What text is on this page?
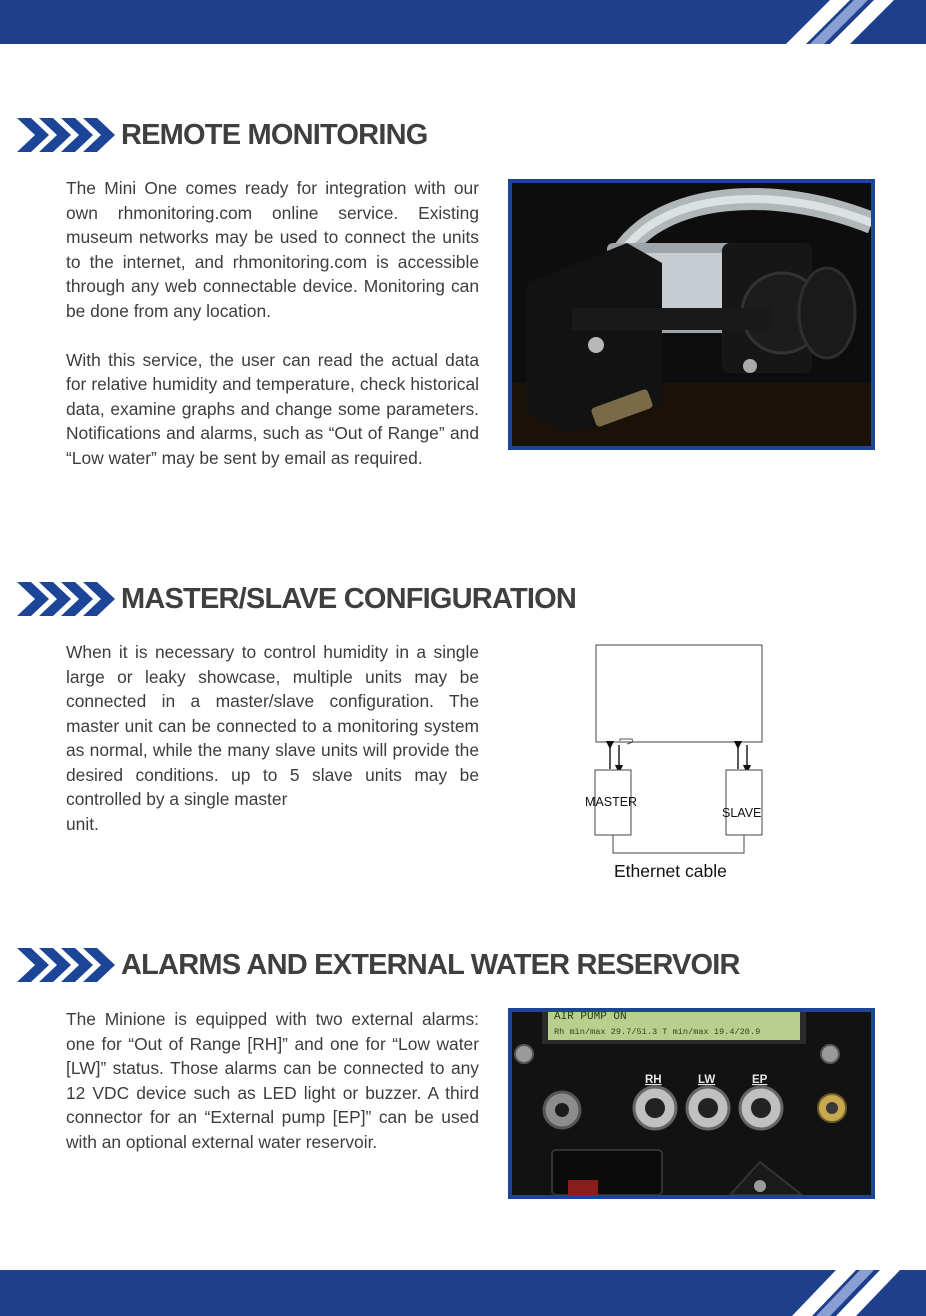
REMOTE MONITORING

The Mini One comes ready for integration with our own rhmonitoring.com online service. Existing museum networks may be used to connect the units to the internet, and rhmonitoring.com is accessible through any web connectable device. Monitoring can be done from any location.

With this service, the user can read the actual data for relative humidity and temperature, check historical data, examine graphs and change some parameters. Notifications and alarms, such as “Out of Range” and “Low water” may be sent by email as required.

MASTER/SLAVE CONFIGURATION

When it is necessary to control humidity in a single large or leaky showcase, multiple units may be connected in a master/slave configuration. The master unit can be connected to a monitoring system as normal, while the many slave units will provide the desired conditions. up to 5 slave units may be controlled by a single master

unit.

MASTER
SLAVE
Ethernet cable
ALARMS AND EXTERNAL WATER RESERVOIR

The Minione is equipped with two external alarms: one for “Out of Range [RH]” and one for “Low water [LW]” status. Those alarms can be connected to any 12 VDC device such as LED light or buzzer. A third connector for an “External pump [EP]” can be used with an optional external water reservoir.

AIR PUMP ON
Rh min/max 29.7/51.3 T min/max 19.4/20.9
RH	LW	EP
